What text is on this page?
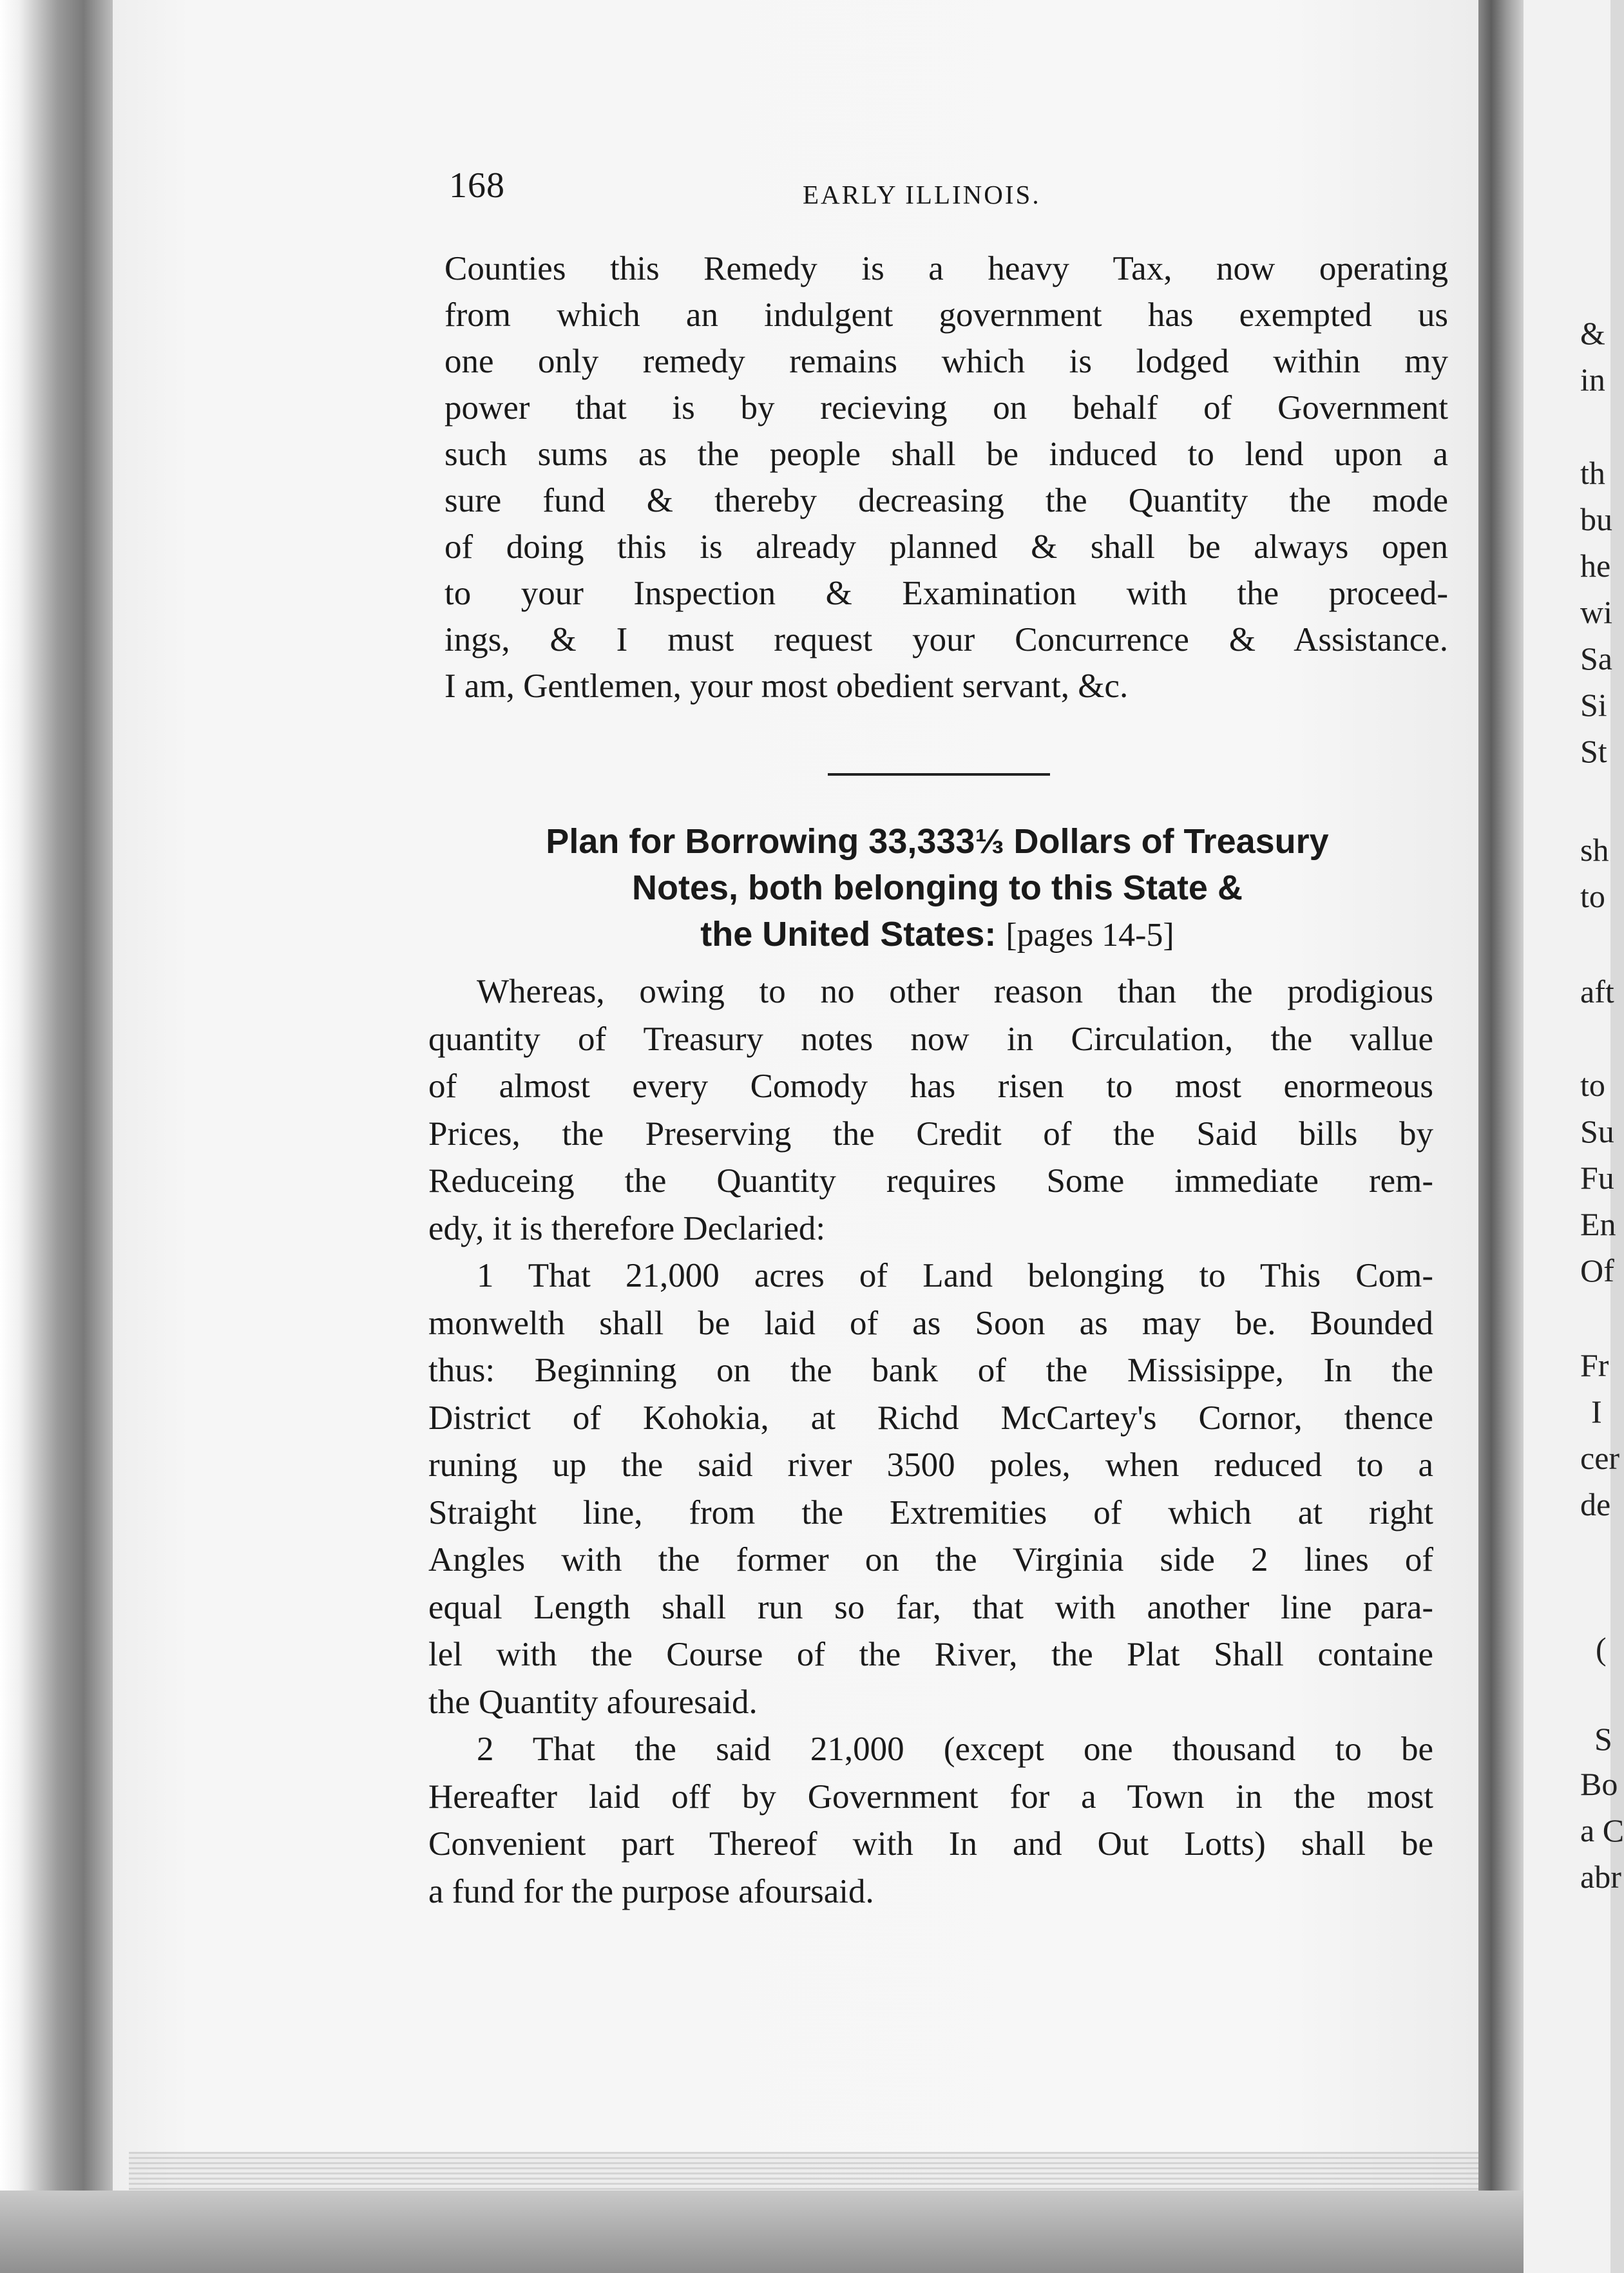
&
in
th
bu
he
wi
Sa
Si
St
sh
to
aft
to
Su
Fu
En
Of
Fr
I
cer
de
(
S
Bo
a C
abr
168	EARLY ILLINOIS.
Counties this Remedy is a heavy Tax, now operating
from which an indulgent government has exempted us
one only remedy remains which is lodged within my
power that is by recieving on behalf of Government
such sums as the people shall be induced to lend upon a
sure fund & thereby decreasing the Quantity the mode
of doing this is already planned & shall be always open
to your Inspection & Examination with the proceed-
ings, & I must request your Concurrence & Assistance.
I am, Gentlemen, your most obedient servant, &c.
Plan for Borrowing 33,333⅓ Dollars of Treasury
Notes, both belonging to this State &
the United States: [pages 14-5]
Whereas, owing to no other reason than the prodigious
quantity of Treasury notes now in Circulation, the vallue
of almost every Comody has risen to most enormeous
Prices, the Preserving the Credit of the Said bills by
Reduceing the Quantity requires Some immediate rem-
edy, it is therefore Declaried:
1 That 21,000 acres of Land belonging to This Com-
monwelth shall be laid of as Soon as may be. Bounded
thus: Beginning on the bank of the Missisippe, In the
District of Kohokia, at Richd McCartey's Cornor, thence
runing up the said river 3500 poles, when reduced to a
Straight line, from the Extremities of which at right
Angles with the former on the Virginia side 2 lines of
equal Length shall run so far, that with another line para-
lel with the Course of the River, the Plat Shall containe
the Quantity afouresaid.
2 That the said 21,000 (except one thousand to be
Hereafter laid off by Government for a Town in the most
Convenient part Thereof with In and Out Lotts) shall be
a fund for the purpose afoursaid.
